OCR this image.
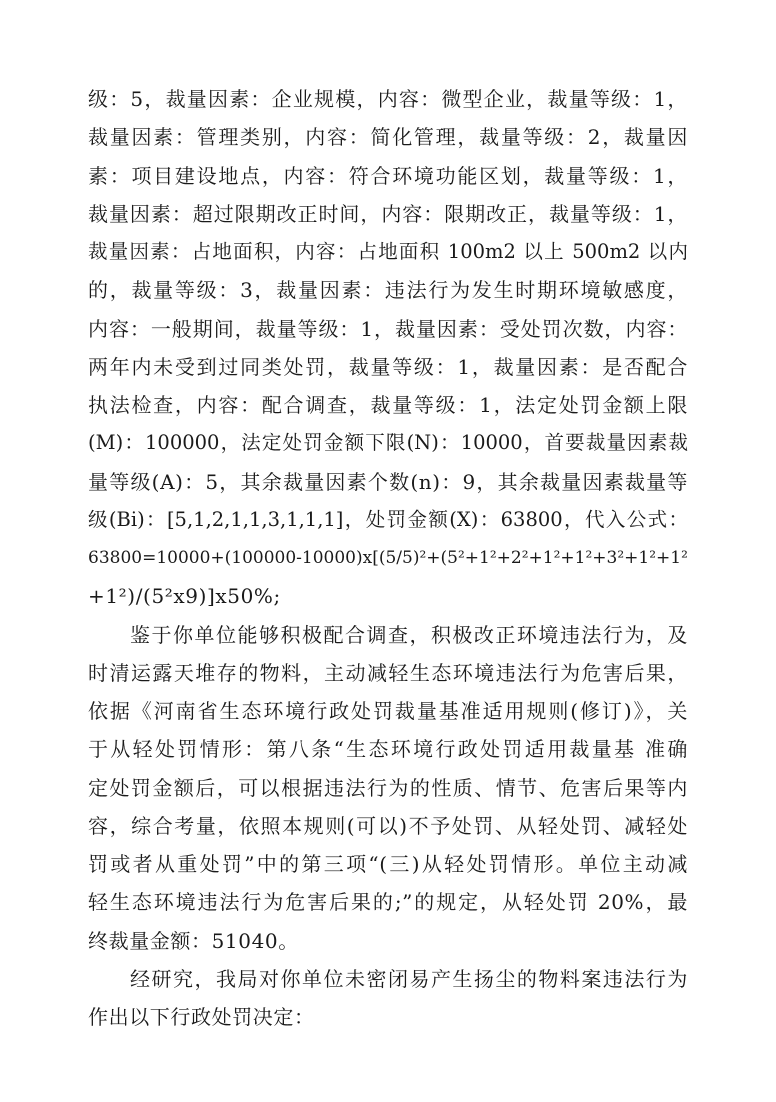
级：5，裁量因素：企业规模，内容：微型企业，裁量等级：1，
裁量因素：管理类别，内容：简化管理，裁量等级：2，裁量因
素：项目建设地点，内容：符合环境功能区划，裁量等级：1，
裁量因素：超过限期改正时间，内容：限期改正，裁量等级：1，
裁量因素：占地面积，内容：占地面积 100m2 以上 500m2 以内
的，裁量等级：3，裁量因素：违法行为发生时期环境敏感度，
内容：一般期间，裁量等级：1，裁量因素：受处罚次数，内容：
两年内未受到过同类处罚，裁量等级：1，裁量因素：是否配合
执法检查，内容：配合调查，裁量等级：1，法定处罚金额上限
(M)：100000，法定处罚金额下限(N)：10000，首要裁量因素裁
量等级(A)：5，其余裁量因素个数(n)：9，其余裁量因素裁量等
级(Bi)：[5,1,2,1,1,3,1,1,1]，处罚金额(X)：63800，代入公式：
63800=10000+(100000-10000)x[(5/5)²+(5²+1²+2²+1²+1²+3²+1²+1²
+1²)/(5²x9)]x50%;
鉴于你单位能够积极配合调查，积极改正环境违法行为，及
时清运露天堆存的物料，主动减轻生态环境违法行为危害后果，
依据《河南省生态环境行政处罚裁量基准适用规则(修订)》，关
于从轻处罚情形：第八条“生态环境行政处罚适用裁量基 准确
定处罚金额后，可以根据违法行为的性质、情节、危害后果等内
容，综合考量，依照本规则(可以)不予处罚、从轻处罚、减轻处
罚或者从重处罚”中的第三项“(三)从轻处罚情形。单位主动减
轻生态环境违法行为危害后果的;”的规定，从轻处罚 20%，最
终裁量金额：51040。
经研究，我局对你单位未密闭易产生扬尘的物料案违法行为
作出以下行政处罚决定：
